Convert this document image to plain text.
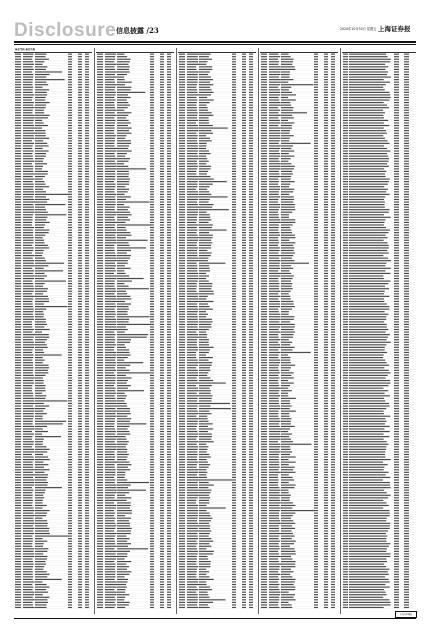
Disclosure 信息披露 /23	2020年10月30日 星期五 上海证券报
基金代码 基金名称
(下转24版)
